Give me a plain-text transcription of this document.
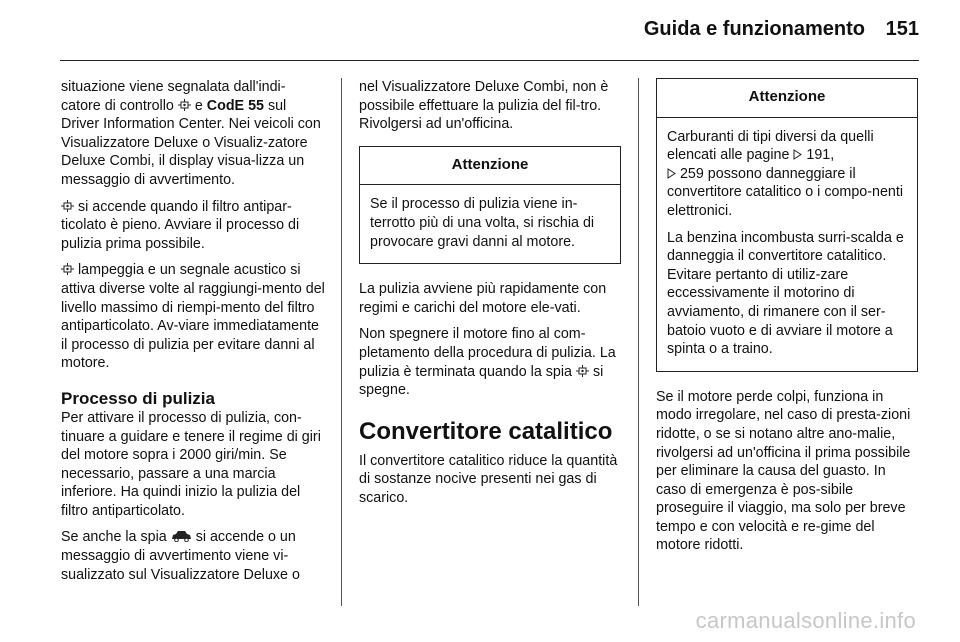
Guida e funzionamento 151

situazione viene segnalata dall'indi-catore di controllo e CodE 55 sul Driver Information Center. Nei veicoli con Visualizzatore Deluxe o Visualiz-zatore Deluxe Combi, il display visua-lizza un messaggio di avvertimento.

si accende quando il filtro antipar-ticolato è pieno. Avviare il processo di pulizia prima possibile.

lampeggia e un segnale acustico si attiva diverse volte al raggiungi-mento del livello massimo di riempi-mento del filtro antiparticolato. Av-viare immediatamente il processo di pulizia per evitare danni al motore.

Processo di pulizia

Per attivare il processo di pulizia, con-tinuare a guidare e tenere il regime di giri del motore sopra i 2000 giri/min. Se necessario, passare a una marcia inferiore. Ha quindi inizio la pulizia del filtro antiparticolato.

Se anche la spia si accende o un messaggio di avvertimento viene vi-sualizzato sul Visualizzatore Deluxe o

nel Visualizzatore Deluxe Combi, non è possibile effettuare la pulizia del fil-tro. Rivolgersi ad un'officina.

Attenzione

Se il processo di pulizia viene in-terrotto più di una volta, si rischia di provocare gravi danni al motore.

La pulizia avviene più rapidamente con regimi e carichi del motore ele-vati.

Non spegnere il motore fino al com-pletamento della procedura di pulizia. La pulizia è terminata quando la spia si spegne.

Convertitore catalitico

Il convertitore catalitico riduce la quantità di sostanze nocive presenti nei gas di scarico.

Attenzione

Carburanti di tipi diversi da quelli elencati alle pagine 191,
259 possono danneggiare il convertitore catalitico o i compo-nenti elettronici.

La benzina incombusta surri-scalda e danneggia il convertitore catalitico. Evitare pertanto di utiliz-zare eccessivamente il motorino di avviamento, di rimanere con il ser-batoio vuoto e di avviare il motore a spinta o a traino.

Se il motore perde colpi, funziona in modo irregolare, nel caso di presta-zioni ridotte, o se si notano altre ano-malie, rivolgersi ad un'officina il prima possibile per eliminare la causa del guasto. In caso di emergenza è pos-sibile proseguire il viaggio, ma solo per breve tempo e con velocità e re-gime del motore ridotti.

carmanualsonline.info
